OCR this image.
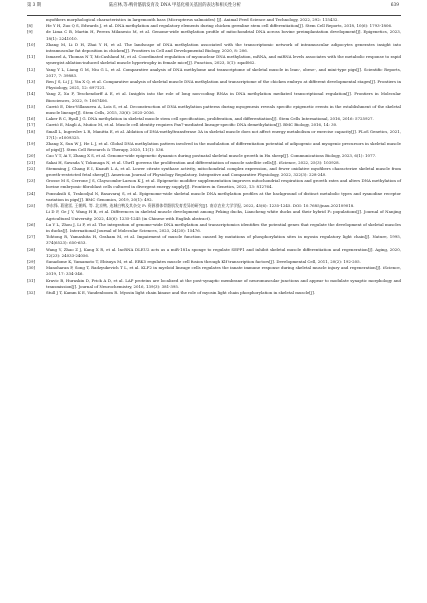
第 3 期	陆应林,等:鸭骨骼肌发育及 DNA 甲基化相关基因的表达和相关性分析	639
myofibers morphological characteristics in largemouth bass (Micropterus salmoides) [J]. Animal Feed Science and Technology, 2022, 292: 115432.
[8]	He Y H, Zuo Q S, Edwards J, et al. DNA methylation and regulatory elements during chicken germline stem cell differentiation[J]. Stem Cell Reports, 2018, 10(6): 1793-1806.
[9]	de Lima C B, Martin H, Perera Milanesio M, et al. Genome-wide methylation profile of mitochondrial DNA across bovine preimplantation development[J]. Epigenetics, 2023, 18(1): 2241010.
[10]	Zhang M, Li D H, Zhai Y H, et al. The landscape of DNA methylation associated with the transcriptomic network of intramuscular adipocytes generates insight into intramuscular fat deposition in chicken[J]. Frontiers in Cell and Developmental Biology, 2020, 8: 206.
[11]	Ismaeel A, Thomas N T, McCashland M, et al. Coordinated regulation of myonuclear DNA methylation, mRNA, and miRNA levels associates with the metabolic response to rapid synergist ablation-induced skeletal muscle hypertrophy in female mice[J]. Function, 2023, 5(1): zqad062.
[12]	Yang Y L, Liang G M, Niu G L, et al. Comparative analysis of DNA methylome and transcriptome of skeletal muscle in lean-, obese-, and mini-type pigs[J]. Scientific Reports, 2017, 7: 39883.
[13]	Ren J S, Li J J, Yin X Q, et al. Comparative analysis of skeletal muscle DNA methylation and transcriptome of the chicken embryo at different developmental stages[J]. Frontiers in Physiology, 2021, 12: 697121.
[14]	Yang Z, Xu F, Teschendorff A E, et al. Insights into the role of long non-coding RNAs in DNA methylation mediated transcriptional regulation[J]. Frontiers in Molecular Biosciences, 2022, 9: 1067406.
[15]	Carrió E, Díez-Villanueva A, Lois S, et al. Deconstruction of DNA methylation patterns during myogenesis reveals specific epigenetic events in the establishment of the skeletal muscle lineage[J]. Stem Cells, 2015, 33(6): 2025-2036.
[16]	Laker R C, Ryall J G. DNA methylation in skeletal muscle stem cell specification, proliferation, and differentiation[J]. Stem Cells International, 2016, 2016: 5725927.
[17]	Carrió E, Magli A, Muñoz M, et al. Muscle cell identity requires Pax7-mediated lineage-specific DNA demethylation[J]. BMC Biology, 2016, 14: 30.
[18]	Small L, Ingerslev L R, Manitta E, et al. Ablation of DNA-methyltransferase 3A in skeletal muscle does not affect energy metabolism or exercise capacity[J]. PLoS Genetics, 2021, 17(1): e1009325.
[19]	Zhang X, Sun W J, He L J, et al. Global DNA methylation pattern involved in the modulation of differentiation potential of adipogenic and myogenic precursors in skeletal muscle of pigs[J]. Stem Cell Research & Therapy, 2020, 11(1): 536.
[20]	Cao Y T, Ai Y, Zhang X S, et al. Genome-wide epigenetic dynamics during postnatal skeletal muscle growth in Hu sheep[J]. Communications Biology, 2023, 6(1): 1077.
[21]	Sakai H, Sawada Y, Tokunaga N, et al. Uhrf1 governs the proliferation and differentiation of muscle satellite cells[J]. iScience, 2022, 25(3): 103928.
[22]	Stemming J, Chang E I, Knauft L A, et al. Lower citrate synthase activity, mitochondrial complex expression, and fewer oxidative myofibers characterize skeletal muscle from growth-restricted fetal sheep[J]. American Journal of Physiology Regulatory, Integrative and Comparative Physiology, 2022, 322(3): 228-240.
[23]	Grosse M S, Cerrone J S, Clayscombe-Larson K J, et al. Epigenetic modifier supplementation improves mitochondrial respiration and growth rates and alters DNA methylation of bovine embryonic fibroblast cells cultured in divergent energy supply[J]. Frontiers in Genetics, 2022, 13: 812764.
[24]	Ponsuksili S, Trakooljul N, Basavaraj S, et al. Epigenome-wide skeletal muscle DNA methylation profiles at the background of distinct metabolic types and ryanodine receptor variation in pigs[J]. BMC Genomics, 2019, 20(1): 492.
[25]	李东锋, 葛建雷, 王朝辉, 等. 北京鸭, 连城白鸭及其杂交 F₂ 资源群体骨骼肌发育差异的研究[J]. 南京农业大学学报, 2022, 45(6): 1235-1245. DOI: 10.7685/jnau.202109018.
Li D F, Ge J Y, Wang H B, et al. Differences in skeletal muscle development among Peking ducks, Liancheng white ducks and their hybrid F₂ populations[J]. Journal of Nanjing Agricultural University, 2022, 45(6): 1235-1245 (in Chinese with English abstract).
[26]	Lu Y L, Zhou J, Li F, et al. The integration of genome-wide DNA methylation and transcriptomics identifies the potential genes that regulate the development of skeletal muscles in ducks[J]. International Journal of Molecular Sciences, 2023, 24(20): 15476.
[27]	Tohtong R, Yamashita H, Graham M, et al. Impairment of muscle function caused by mutations of phosphorylation sites in myosin regulatory light chain[J]. Nature, 1995, 374(6523): 650-653.
[28]	Wang Y, Zhao Z J, Kang X R, et al. lncRNA DLEU2 acts as a miR-181a sponge to regulate SEPP1 and inhibit skeletal muscle differentiation and regeneration[J]. Aging, 2020, 12(23): 24033-24056.
[29]	Sunadome K, Yamamoto T, Ebisuya M, et al. ERK5 regulates muscle cell fusion through Klf transcription factors[J]. Developmental Cell, 2011, 20(2): 192-205.
[30]	Manoharan P, Song T, Radzyukevich T L, et al. KLF2 in myeloid lineage cells regulates the innate immune response during skeletal muscle injury and regeneration[J]. iScience, 2019, 17: 334-346.
[31]	Kravic B, Huraskin D, Frick A D, et al. LAP proteins are localized at the post-synaptic membrane of neuromuscular junctions and appear to modulate synaptic morphology and transmission[J]. Journal of Neurochemistry, 2016, 139(3): 381-395.
[32]	Stull J T, Kamm K E, Vandenboom R. Myosin light chain kinase and the role of myosin light chain phosphorylation in skeletal muscle[J].
